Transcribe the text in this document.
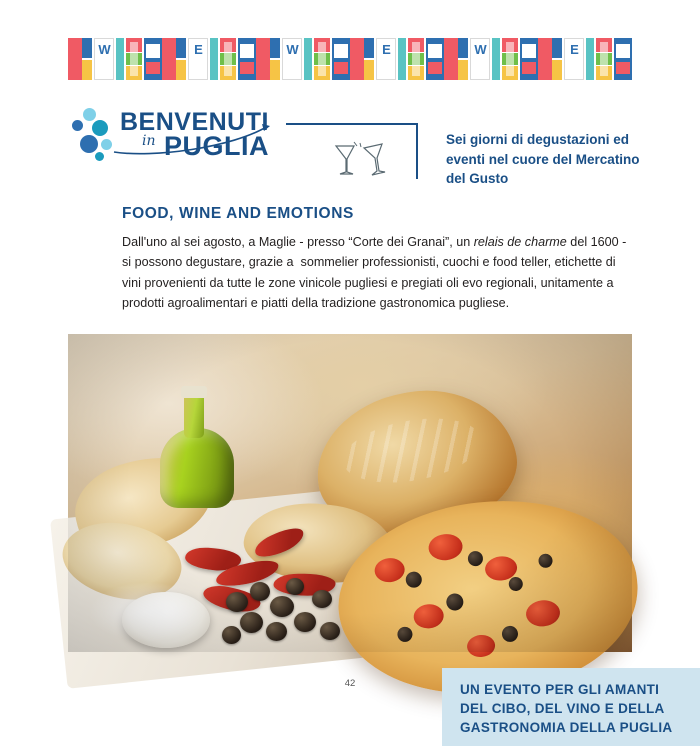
W	E	W	E	W	E
BENVENUTI
in PUGLIA	Sei giorni di degustazioni ed eventi nel cuore del Mercatino del Gusto
FOOD, WINE AND EMOTIONS
Dall'uno al sei agosto, a Maglie - presso “Corte dei Granai”, un relais de charme del 1600 - si possono degustare, grazie a  sommelier professionisti, cuochi e food teller, etichette di vini provenienti da tutte le zone vinicole pugliesi e pregiati oli evo regionali, unitamente a prodotti agroalimentari e piatti della tradizione gastronomica pugliese.
UN EVENTO PER GLI AMANTI DEL CIBO, DEL VINO E DELLA GASTRONOMIA DELLA PUGLIA
42
